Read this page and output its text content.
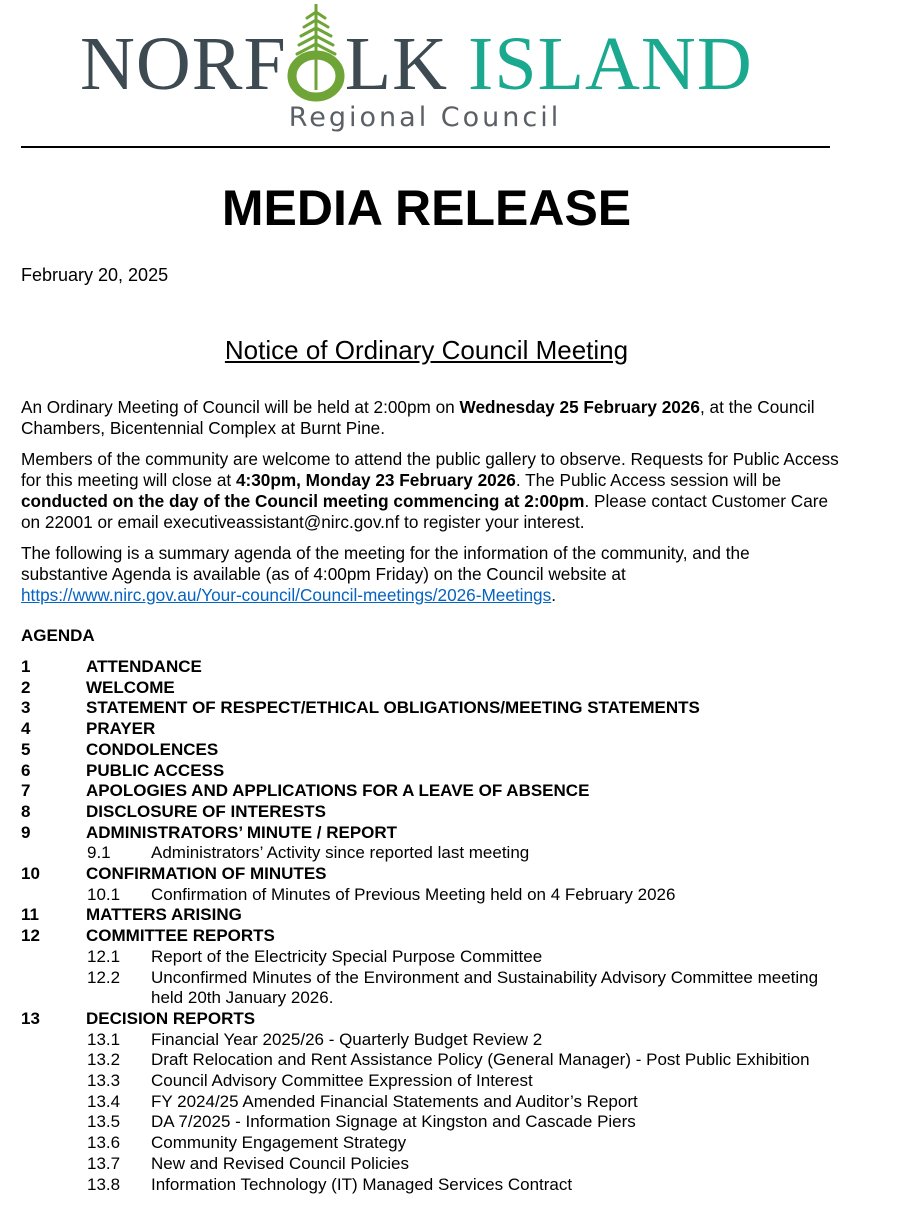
NORF LK ISLAND
Regional Council
MEDIA RELEASE
February 20, 2025
Notice of Ordinary Council Meeting
An Ordinary Meeting of Council will be held at 2:00pm on Wednesday 25 February 2026, at the Council Chambers, Bicentennial Complex at Burnt Pine.
Members of the community are welcome to attend the public gallery to observe. Requests for Public Access for this meeting will close at 4:30pm, Monday 23 February 2026. The Public Access session will be conducted on the day of the Council meeting commencing at 2:00pm. Please contact Customer Care on 22001 or email executiveassistant@nirc.gov.nf to register your interest.
The following is a summary agenda of the meeting for the information of the community, and the substantive Agenda is available (as of 4:00pm Friday) on the Council website at https://www.nirc.gov.au/Your-council/Council-meetings/2026-Meetings.
AGENDA
1	ATTENDANCE
2	WELCOME
3	STATEMENT OF RESPECT/ETHICAL OBLIGATIONS/MEETING STATEMENTS
4	PRAYER
5	CONDOLENCES
6	PUBLIC ACCESS
7	APOLOGIES AND APPLICATIONS FOR A LEAVE OF ABSENCE
8	DISCLOSURE OF INTERESTS
9	ADMINISTRATORS’ MINUTE / REPORT
9.1 Administrators’ Activity since reported last meeting
10	CONFIRMATION OF MINUTES
10.1 Confirmation of Minutes of Previous Meeting held on 4 February 2026
11	MATTERS ARISING
12	COMMITTEE REPORTS
12.1 Report of the Electricity Special Purpose Committee
12.2 Unconfirmed Minutes of the Environment and Sustainability Advisory Committee meeting held 20th January 2026.
13	DECISION REPORTS
13.1 Financial Year 2025/26 - Quarterly Budget Review 2
13.2 Draft Relocation and Rent Assistance Policy (General Manager) - Post Public Exhibition
13.3 Council Advisory Committee Expression of Interest
13.4 FY 2024/25 Amended Financial Statements and Auditor’s Report
13.5 DA 7/2025 - Information Signage at Kingston and Cascade Piers
13.6 Community Engagement Strategy
13.7 New and Revised Council Policies
13.8 Information Technology (IT) Managed Services Contract
